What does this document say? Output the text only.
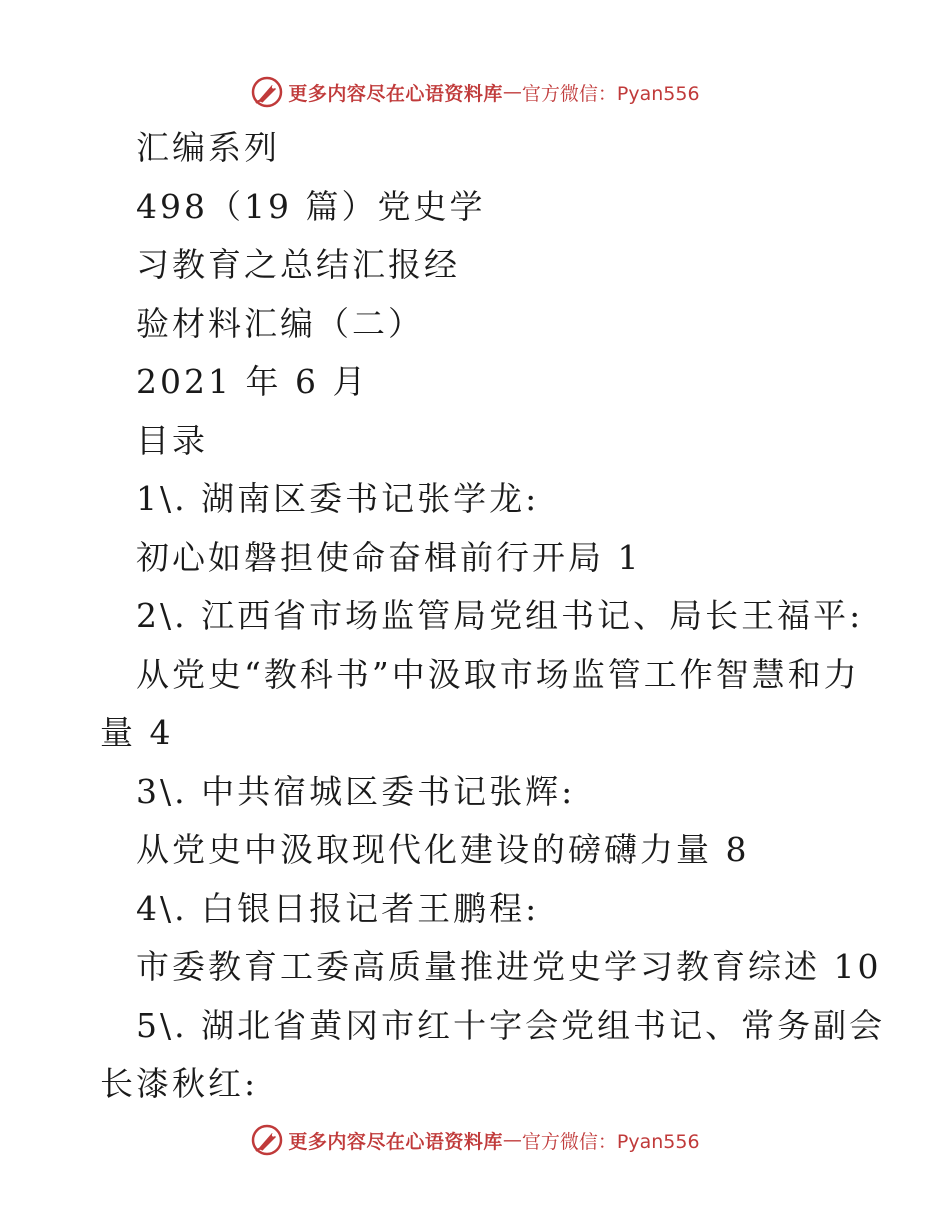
更多内容尽在心语资料库 — 官方微信：Pyan556
汇编系列
498（19 篇）党史学
习教育之总结汇报经
验材料汇编（二）
2021 年 6 月
目录
1\. 湖南区委书记张学龙:
初心如磐担使命奋楫前行开局 1
2\. 江西省市场监管局党组书记、局长王福平:
从党史“教科书”中汲取市场监管工作智慧和力
量 4
3\. 中共宿城区委书记张辉:
从党史中汲取现代化建设的磅礴力量 8
4\. 白银日报记者王鹏程:
市委教育工委高质量推进党史学习教育综述 10
5\. 湖北省黄冈市红十字会党组书记、常务副会
长漆秋红:
更多内容尽在心语资料库 — 官方微信：Pyan556
